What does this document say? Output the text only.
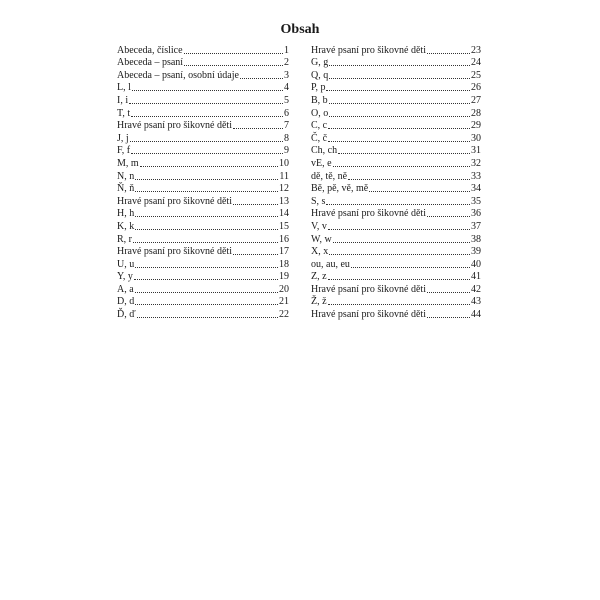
Obsah
Abeceda, číslice	1
Abeceda – psaní	2
Abeceda – psaní, osobní údaje	3
L, l	4
I, i	5
T, t	6
Hravé psaní pro šikovné děti	7
J, j	8
F, f	9
M, m	10
N, n	11
Ň, ň	12
Hravé psaní pro šikovné děti	13
H, h	14
K, k	15
R, r	16
Hravé psaní pro šikovné děti	17
U, u	18
Y, y	19
A, a	20
D, d	21
Ď, ď	22
Hravé psaní pro šikovné děti	23
G, g	24
Q, q	25
P, p	26
B, b	27
O, o	28
C, c	29
Č, č	30
Ch, ch	31
vE, e	32
dě, tě, ně	33
Bě, pě, vě, mě	34
S, s	35
Hravé psaní pro šikovné děti	36
V, v	37
W, w	38
X, x	39
ou, au, eu	40
Z, z	41
Hravé psaní pro šikovné děti	42
Ž, ž	43
Hravé psaní pro šikovné děti	44
